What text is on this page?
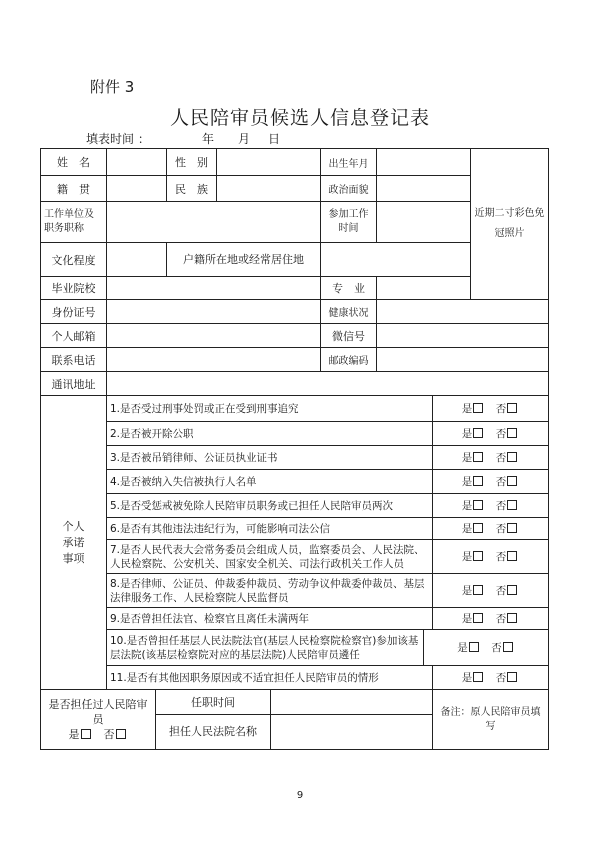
附件 3
人民陪审员候选人信息登记表
填表时间 ：	年 月 日
姓　名			性　别			出生年月				近期二寸彩色免冠照片
籍　贯			民　族			政治面貌				
工作单位及职务职称						参加工作时间				
文化程度			户籍所在地或经常居住地							
毕业院校						专　业				
身份证号						健康状况				
个人邮箱						微信号				
联系电话						邮政编码				
通讯地址										
个人承诺事项	1.是否受过刑事处罚或正在受到刑事追究								是　 否	
	2.是否被开除公职								是　 否	
	3.是否被吊销律师、公证员执业证书								是　 否	
	4.是否被纳入失信被执行人名单								是　 否	
	5.是否受惩戒被免除人民陪审员职务或已担任人民陪审员两次								是　 否	
	6.是否有其他违法违纪行为，可能影响司法公信								是　 否	
	7.是否人民代表大会常务委员会组成人员，监察委员会、人民法院、人民检察院、公安机关、国家安全机关、司法行政机关工作人员								是　 否	
	8.是否律师、公证员、仲裁委仲裁员、劳动争议仲裁委仲裁员、基层法律服务工作、人民检察院人民监督员								是　 否	
	9.是否曾担任法官、检察官且离任未满两年								是　 否	
	10.是否曾担任基层人民法院法官(基层人民检察院检察官)参加该基层法院(该基层检察院对应的基层法院)人民陪审员遴任							是　 否		
	11.是否有其他因职务原因或不适宜担任人民陪审员的情形								是　 否	

是否担任过人民陪审员
是　 否		任职时间							备注：原人民陪审员填写	
		担任人民法院名称								
9
